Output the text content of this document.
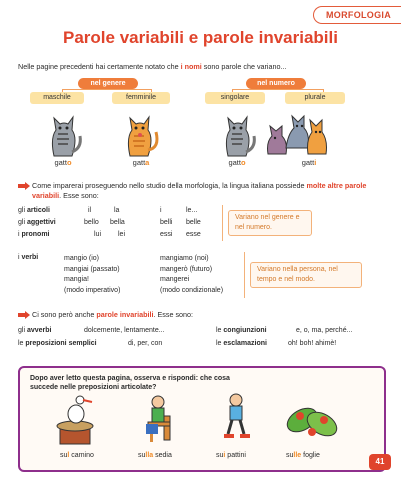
MORFOLOGIA
Parole variabili e parole invariabili
Nelle pagine precedenti hai certamente notato che i nomi sono parole che variano...
nel genere
maschile	femminile
nel numero
singolare	plurale
gatto	gatta	gatto	gatti
Come imparerai proseguendo nello studio della morfologia, la lingua italiana possiede molte altre parole variabili. Esse sono:
gli articoli	il	la	i	le...
gli aggettivi	bello bella	belli belle
i pronomi	lui lei	essi esse
Variano nel genere e nel numero.
i verbi	mangio (io)
mangiai (passato)
mangia!
(modo imperativo)
mangiamo (noi)
mangerò (futuro)
mangerei
(modo condizionale)
Variano nella persona, nel tempo e nel modo.
Ci sono però anche parole invariabili. Esse sono:
gli avverbi	dolcemente, lentamente...	le congiunzioni	e, o, ma, perché...
le preposizioni semplici	di, per, con	le esclamazioni	oh! boh! ahimè!
Dopo aver letto questa pagina, osserva e rispondi: che cosa succede nelle preposizioni articolate?
sul camino	sulla sedia	sui pattini	sulle foglie
41
